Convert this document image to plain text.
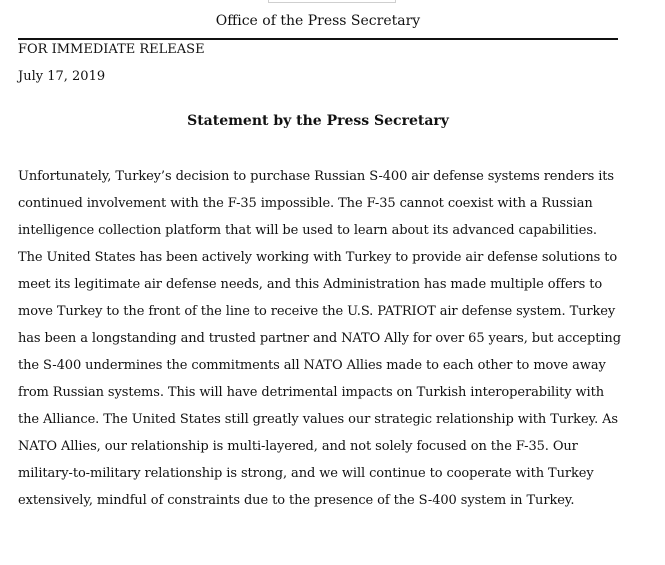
Office of the Press Secretary
FOR IMMEDIATE RELEASE
July 17, 2019
Statement by the Press Secretary

Unfortunately, Turkey’s decision to purchase Russian S-400 air defense systems renders its continued involvement with the F-35 impossible. The F-35 cannot coexist with a Russian intelligence collection platform that will be used to learn about its advanced capabilities. The United States has been actively working with Turkey to provide air defense solutions to meet its legitimate air defense needs, and this Administration has made multiple offers to move Turkey to the front of the line to receive the U.S. PATRIOT air defense system. Turkey has been a longstanding and trusted partner and NATO Ally for over 65 years, but accepting the S-400 undermines the commitments all NATO Allies made to each other to move away from Russian systems. This will have detrimental impacts on Turkish interoperability with the Alliance. The United States still greatly values our strategic relationship with Turkey. As NATO Allies, our relationship is multi-layered, and not solely focused on the F-35. Our military-to-military relationship is strong, and we will continue to cooperate with Turkey extensively, mindful of constraints due to the presence of the S-400 system in Turkey.
